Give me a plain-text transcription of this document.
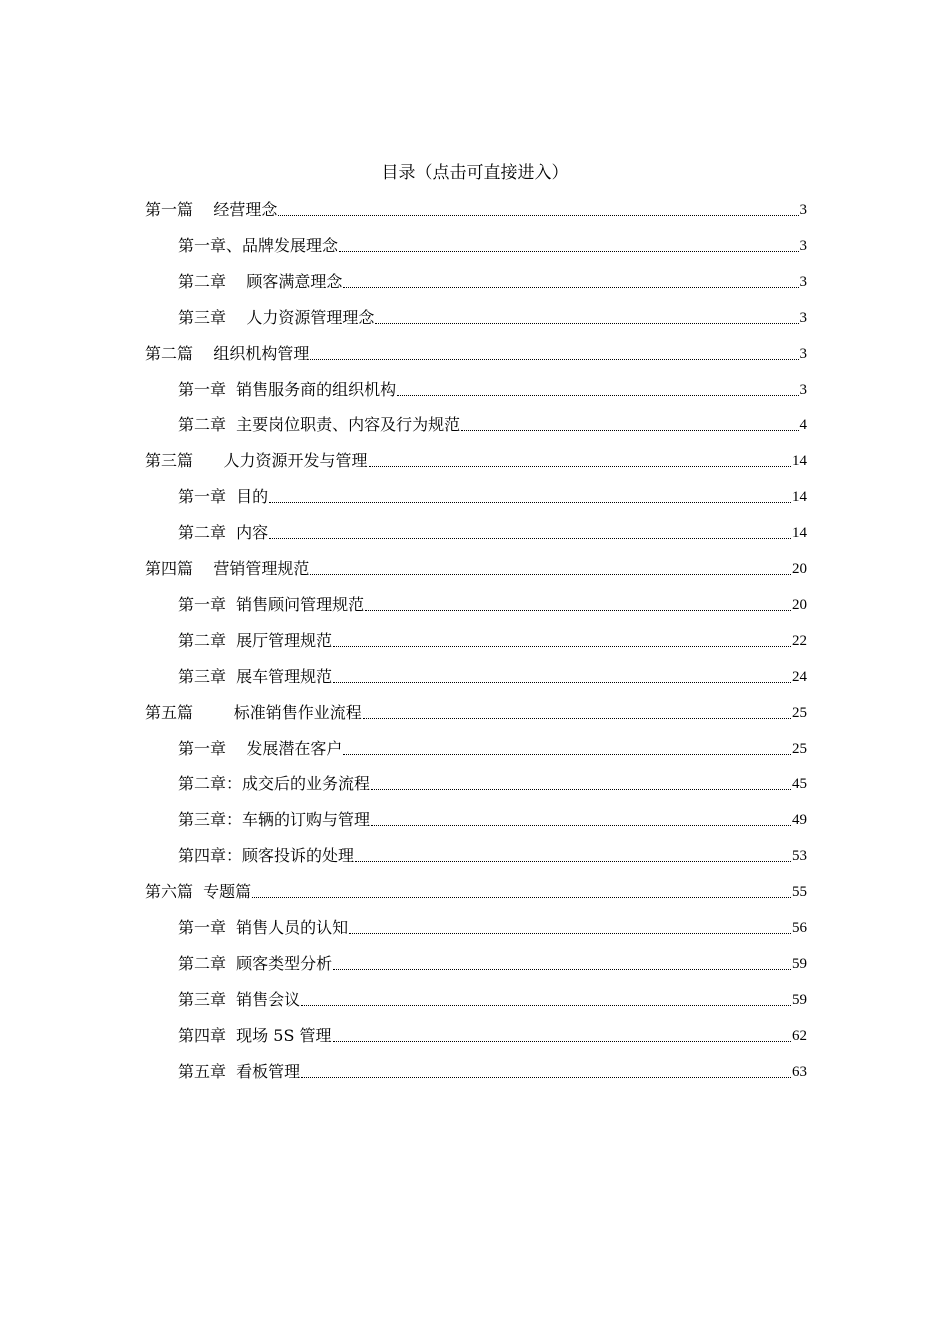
目录（点击可直接进入）
第一篇    经营理念	3
第一章、品牌发展理念	3
第二章    顾客满意理念	3
第三章    人力资源管理理念	3
第二篇    组织机构管理	3
第一章  销售服务商的组织机构	3
第二章  主要岗位职责、内容及行为规范	4
第三篇      人力资源开发与管理	14
第一章  目的	14
第二章  内容	14
第四篇    营销管理规范	20
第一章  销售顾问管理规范	20
第二章  展厅管理规范	22
第三章  展车管理规范	24
第五篇        标准销售作业流程	25
第一章    发展潜在客户	25
第二章：成交后的业务流程	45
第三章：车辆的订购与管理	49
第四章：顾客投诉的处理	53
第六篇  专题篇	55
第一章  销售人员的认知	56
第二章  顾客类型分析	59
第三章  销售会议	59
第四章  现场 5S 管理	62
第五章  看板管理	63
